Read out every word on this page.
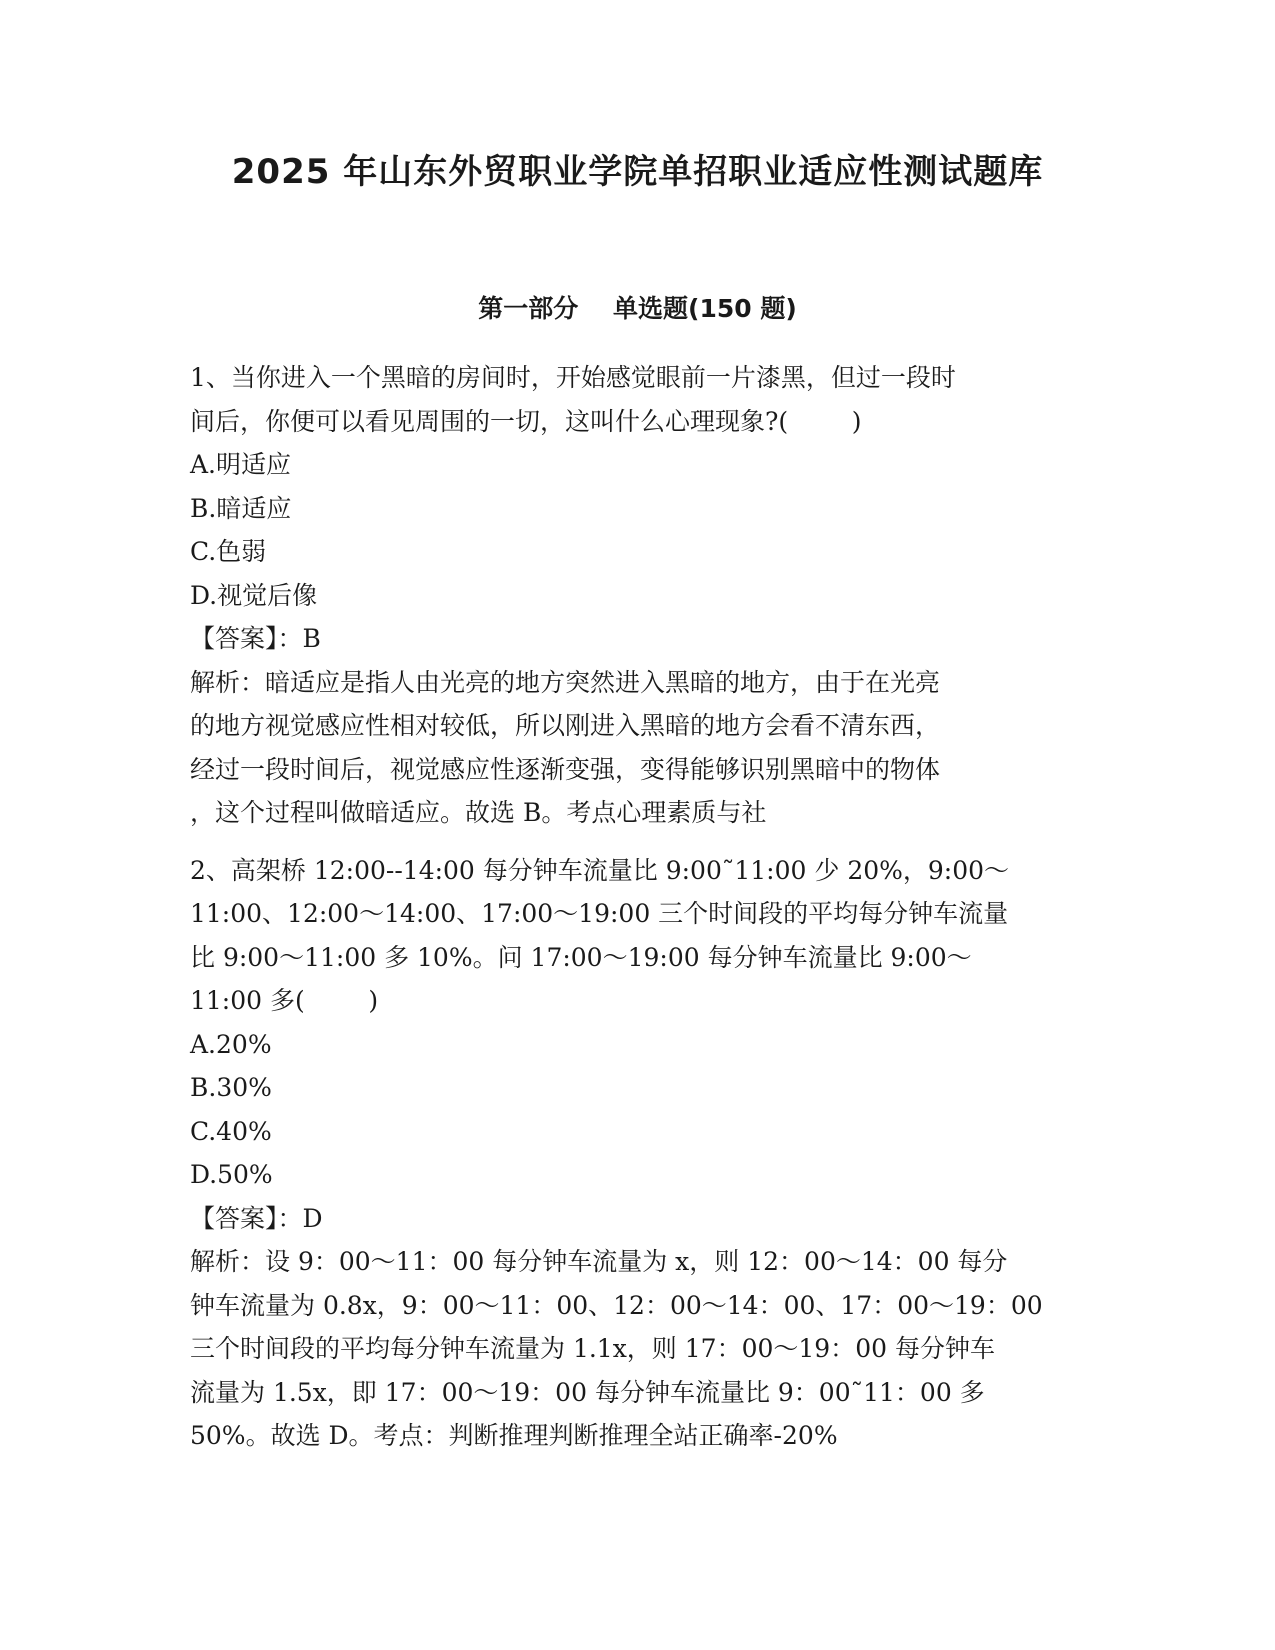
2025 年山东外贸职业学院单招职业适应性测试题库
第一部分    单选题(150 题)

1、当你进入一个黑暗的房间时，开始感觉眼前一片漆黑，但过一段时

间后，你便可以看见周围的一切，这叫什么心理现象?(        )

A.明适应

B.暗适应

C.色弱

D.视觉后像

【答案】：B

解析：暗适应是指人由光亮的地方突然进入黑暗的地方，由于在光亮

的地方视觉感应性相对较低，所以刚进入黑暗的地方会看不清东西，

经过一段时间后，视觉感应性逐渐变强，变得能够识别黑暗中的物体

，这个过程叫做暗适应。故选 B。考点心理素质与社

2、高架桥 12:00--14:00 每分钟车流量比 9:00˜11:00 少 20%，9:00～

11:00、12:00～14:00、17:00～19:00 三个时间段的平均每分钟车流量

比 9:00～11:00 多 10%。问 17:00～19:00 每分钟车流量比 9:00～

11:00 多(        )

A.20%

B.30%

C.40%

D.50%

【答案】：D

解析：设 9：00～11：00 每分钟车流量为 x，则 12：00～14：00 每分

钟车流量为 0.8x，9：00～11：00、12：00～14：00、17：00～19：00

三个时间段的平均每分钟车流量为 1.1x，则 17：00～19：00 每分钟车

流量为 1.5x，即 17：00～19：00 每分钟车流量比 9：00˜11：00 多

50%。故选 D。考点：判断推理判断推理全站正确率-20%
